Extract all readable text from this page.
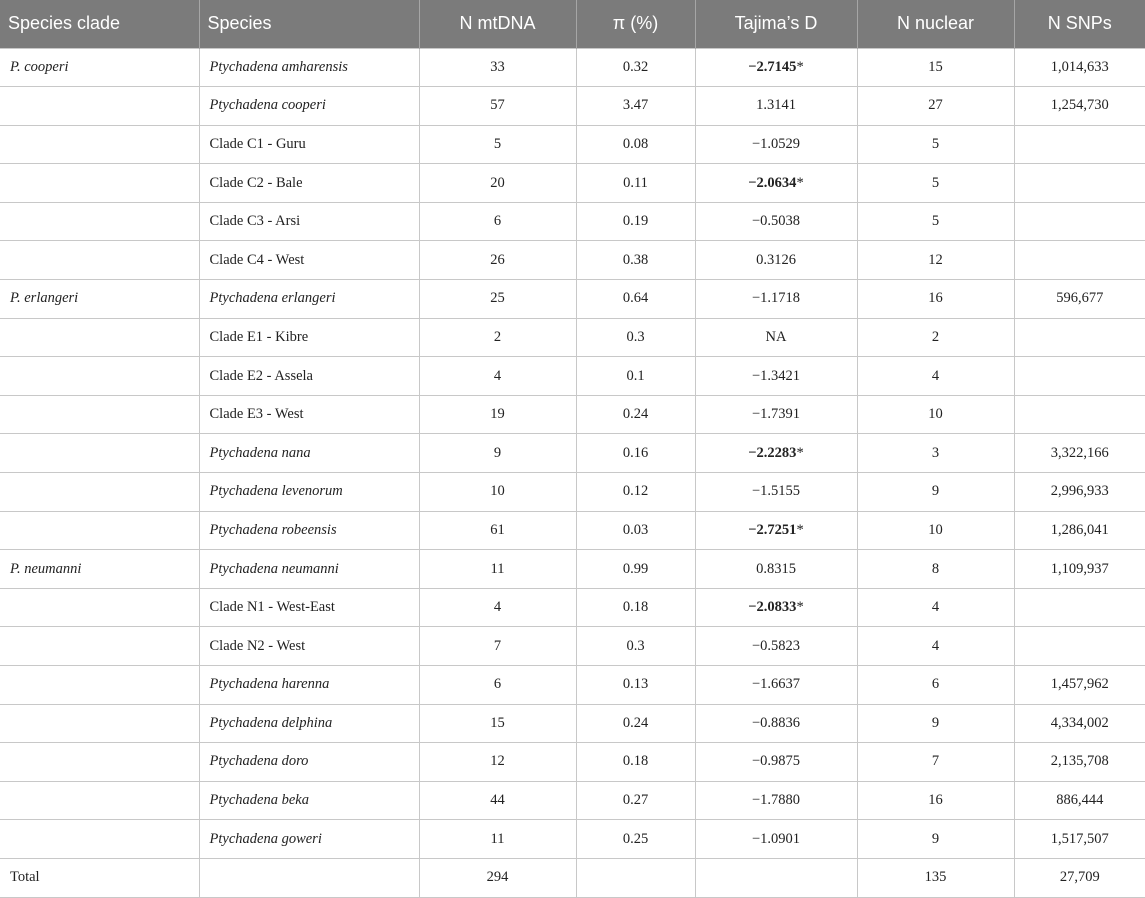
Species clade	Species	N mtDNA	π (%)	Tajima’s D	N nuclear	N SNPs
P. cooperi	Ptychadena amharensis	33	0.32	−2.7145*	15	1,014,633
	Ptychadena cooperi	57	3.47	1.3141	27	1,254,730
	Clade C1 - Guru	5	0.08	−1.0529	5	
	Clade C2 - Bale	20	0.11	−2.0634*	5	
	Clade C3 - Arsi	6	0.19	−0.5038	5	
	Clade C4 - West	26	0.38	0.3126	12	
P. erlangeri	Ptychadena erlangeri	25	0.64	−1.1718	16	596,677
	Clade E1 - Kibre	2	0.3	NA	2	
	Clade E2 - Assela	4	0.1	−1.3421	4	
	Clade E3 - West	19	0.24	−1.7391	10	
	Ptychadena nana	9	0.16	−2.2283*	3	3,322,166
	Ptychadena levenorum	10	0.12	−1.5155	9	2,996,933
	Ptychadena robeensis	61	0.03	−2.7251*	10	1,286,041
P. neumanni	Ptychadena neumanni	11	0.99	0.8315	8	1,109,937
	Clade N1 - West-East	4	0.18	−2.0833*	4	
	Clade N2 - West	7	0.3	−0.5823	4	
	Ptychadena harenna	6	0.13	−1.6637	6	1,457,962
	Ptychadena delphina	15	0.24	−0.8836	9	4,334,002
	Ptychadena doro	12	0.18	−0.9875	7	2,135,708
	Ptychadena beka	44	0.27	−1.7880	16	886,444
	Ptychadena goweri	11	0.25	−1.0901	9	1,517,507
Total		294			135	27,709
